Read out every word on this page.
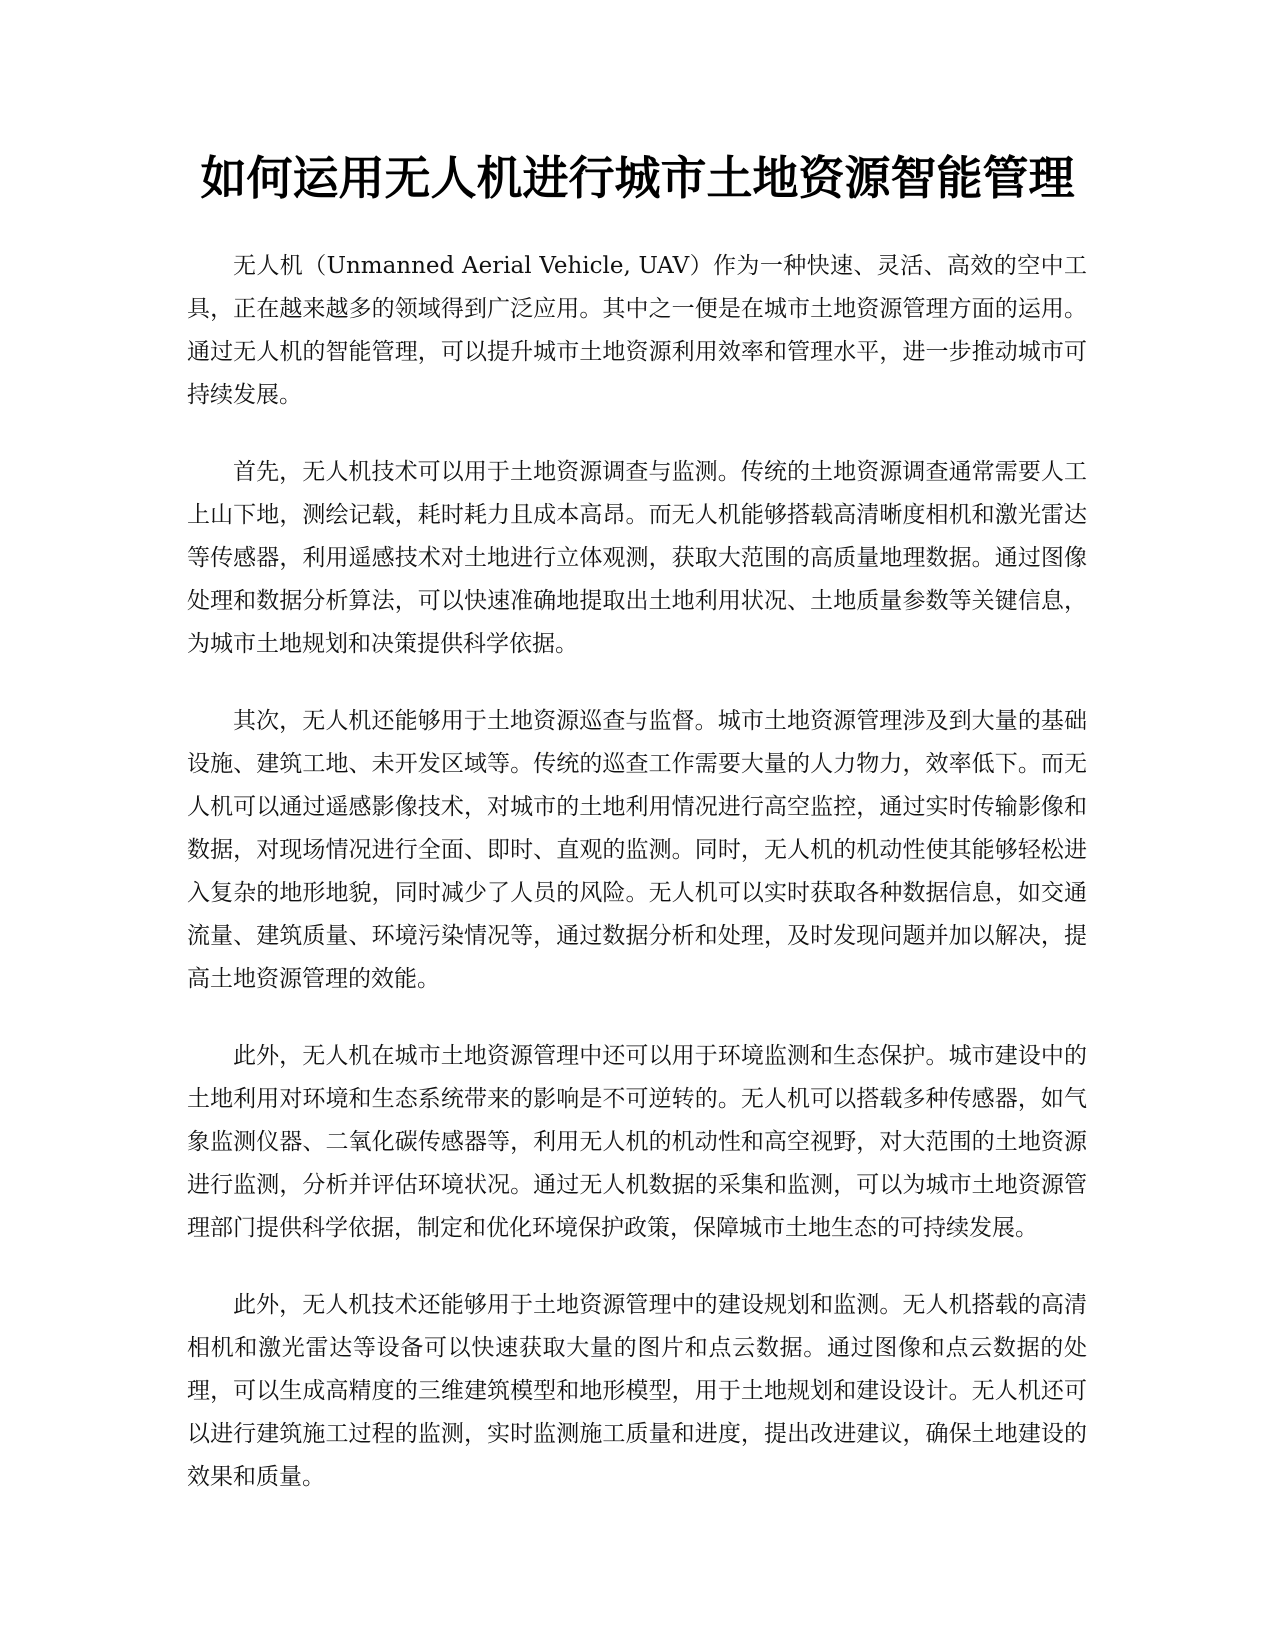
如何运用无人机进行城市土地资源智能管理

无人机（Unmanned Aerial Vehicle, UAV）作为一种快速、灵活、高效的空中工具，正在越来越多的领域得到广泛应用。其中之一便是在城市土地资源管理方面的运用。通过无人机的智能管理，可以提升城市土地资源利用效率和管理水平，进一步推动城市可持续发展。

首先，无人机技术可以用于土地资源调查与监测。传统的土地资源调查通常需要人工上山下地，测绘记载，耗时耗力且成本高昂。而无人机能够搭载高清晰度相机和激光雷达等传感器，利用遥感技术对土地进行立体观测，获取大范围的高质量地理数据。通过图像处理和数据分析算法，可以快速准确地提取出土地利用状况、土地质量参数等关键信息，为城市土地规划和决策提供科学依据。

其次，无人机还能够用于土地资源巡查与监督。城市土地资源管理涉及到大量的基础设施、建筑工地、未开发区域等。传统的巡查工作需要大量的人力物力，效率低下。而无人机可以通过遥感影像技术，对城市的土地利用情况进行高空监控，通过实时传输影像和数据，对现场情况进行全面、即时、直观的监测。同时，无人机的机动性使其能够轻松进入复杂的地形地貌，同时减少了人员的风险。无人机可以实时获取各种数据信息，如交通流量、建筑质量、环境污染情况等，通过数据分析和处理，及时发现问题并加以解决，提高土地资源管理的效能。

此外，无人机在城市土地资源管理中还可以用于环境监测和生态保护。城市建设中的土地利用对环境和生态系统带来的影响是不可逆转的。无人机可以搭载多种传感器，如气象监测仪器、二氧化碳传感器等，利用无人机的机动性和高空视野，对大范围的土地资源进行监测，分析并评估环境状况。通过无人机数据的采集和监测，可以为城市土地资源管理部门提供科学依据，制定和优化环境保护政策，保障城市土地生态的可持续发展。

此外，无人机技术还能够用于土地资源管理中的建设规划和监测。无人机搭载的高清相机和激光雷达等设备可以快速获取大量的图片和点云数据。通过图像和点云数据的处理，可以生成高精度的三维建筑模型和地形模型，用于土地规划和建设设计。无人机还可以进行建筑施工过程的监测，实时监测施工质量和进度，提出改进建议，确保土地建设的效果和质量。
